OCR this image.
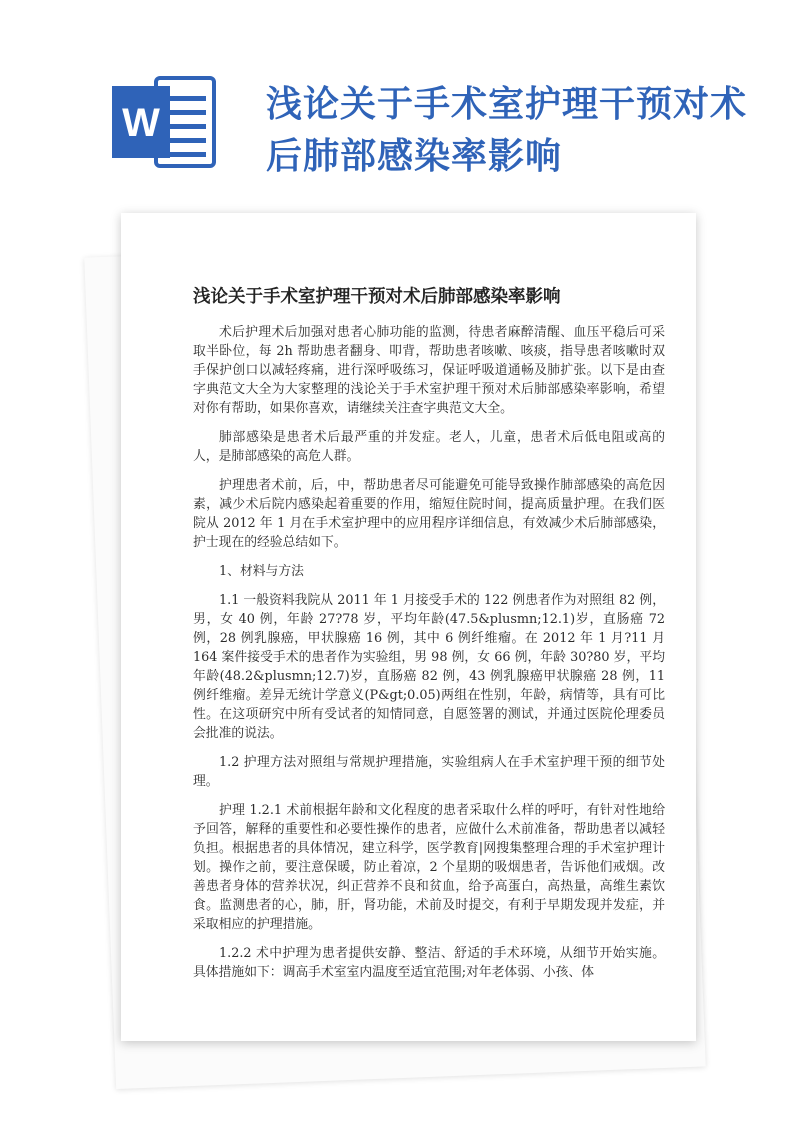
W	浅论关于手术室护理干预对术
后肺部感染率影响
浅论关于手术室护理干预对术后肺部感染率影响

术后护理术后加强对患者心肺功能的监测，待患者麻醉清醒、血压平稳后可采取半卧位，每 2h 帮助患者翻身、叩背，帮助患者咳嗽、咳痰，指导患者咳嗽时双手保护创口以减轻疼痛，进行深呼吸练习，保证呼吸道通畅及肺扩张。以下是由查字典范文大全为大家整理的浅论关于手术室护理干预对术后肺部感染率影响，希望对你有帮助，如果你喜欢，请继续关注查字典范文大全。

肺部感染是患者术后最严重的并发症。老人，儿童，患者术后低电阻或高的人，是肺部感染的高危人群。

护理患者术前，后，中，帮助患者尽可能避免可能导致操作肺部感染的高危因素，减少术后院内感染起着重要的作用，缩短住院时间，提高质量护理。在我们医院从 2012 年 1 月在手术室护理中的应用程序详细信息，有效减少术后肺部感染，护士现在的经验总结如下。

1、材料与方法

1.1 一般资料我院从 2011 年 1 月接受手术的 122 例患者作为对照组 82 例，男，女 40 例，年龄 27?78 岁，平均年龄(47.5&plusmn;12.1)岁，直肠癌 72 例，28 例乳腺癌，甲状腺癌 16 例，其中 6 例纤维瘤。在 2012 年 1 月?11 月 164 案件接受手术的患者作为实验组，男 98 例，女 66 例，年龄 30?80 岁，平均年龄(48.2&plusmn;12.7)岁，直肠癌 82 例，43 例乳腺癌甲状腺癌 28 例，11 例纤维瘤。差异无统计学意义(P&gt;0.05)两组在性别，年龄，病情等，具有可比性。在这项研究中所有受试者的知情同意，自愿签署的测试，并通过医院伦理委员会批准的说法。

1.2 护理方法对照组与常规护理措施，实验组病人在手术室护理干预的细节处理。

护理 1.2.1 术前根据年龄和文化程度的患者采取什么样的呼吁，有针对性地给予回答，解释的重要性和必要性操作的患者，应做什么术前准备，帮助患者以减轻负担。根据患者的具体情况，建立科学，医学教育|网搜集整理合理的手术室护理计划。操作之前，要注意保暖，防止着凉，2 个星期的吸烟患者，告诉他们戒烟。改善患者身体的营养状况，纠正营养不良和贫血，给予高蛋白，高热量，高维生素饮食。监测患者的心，肺，肝，肾功能，术前及时提交，有利于早期发现并发症，并采取相应的护理措施。

1.2.2 术中护理为患者提供安静、整洁、舒适的手术环境，从细节开始实施。具体措施如下：调高手术室室内温度至适宜范围;对年老体弱、小孩、体
